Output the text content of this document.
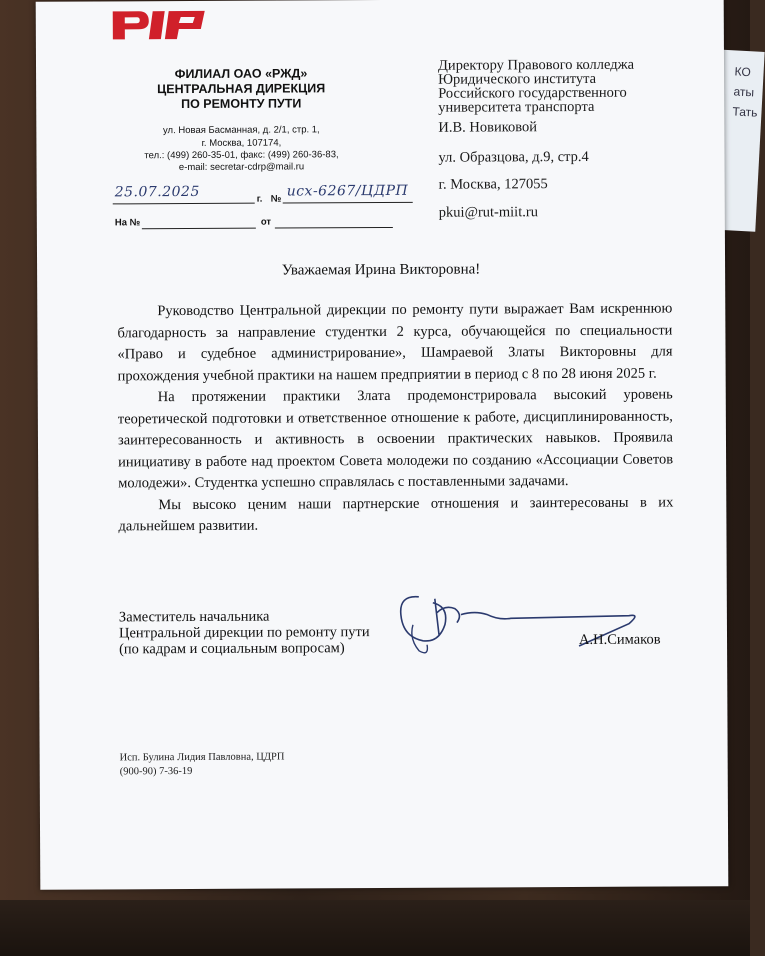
КО
аты
Тать
ФИЛИАЛ ОАО «РЖД»
ЦЕНТРАЛЬНАЯ ДИРЕКЦИЯ
ПО РЕМОНТУ ПУТИ
ул. Новая Басманная, д. 2/1, стр. 1,
г. Москва, 107174,
тел.: (499) 260-35-01, факс: (499) 260-36-83,
e-mail: secretar-cdrp@mail.ru
25.07.2025	г. № исх-6267/ЦДРП
На №	от
Директору Правового колледжа
Юридического института
Российского государственного
университета транспорта
И.В. Новиковой
ул. Образцова, д.9, стр.4
г. Москва, 127055
pkui@rut-miit.ru
Уважаемая Ирина Викторовна!

Руководство Центральной дирекции по ремонту пути выражает Вам искреннюю благодарность за направление студентки 2 курса, обучающейся по специальности «Право и судебное администрирование», Шамраевой Златы Викторовны для прохождения учебной практики на нашем предприятии в период с 8 по 28 июня 2025 г.

На протяжении практики Злата продемонстрировала высокий уровень теоретической подготовки и ответственное отношение к работе, дисциплинированность, заинтересованность и активность в освоении практических навыков. Проявила инициативу в работе над проектом Совета молодежи по созданию «Ассоциации Советов молодежи». Студентка успешно справлялась с поставленными задачами.

Мы высоко ценим наши партнерские отношения и заинтересованы в их дальнейшем развитии.

Заместитель начальника
Центральной дирекции по ремонту пути
(по кадрам и социальным вопросам)
А.Н.Симаков
Исп. Булина Лидия Павловна, ЦДРП
(900-90) 7-36-19
